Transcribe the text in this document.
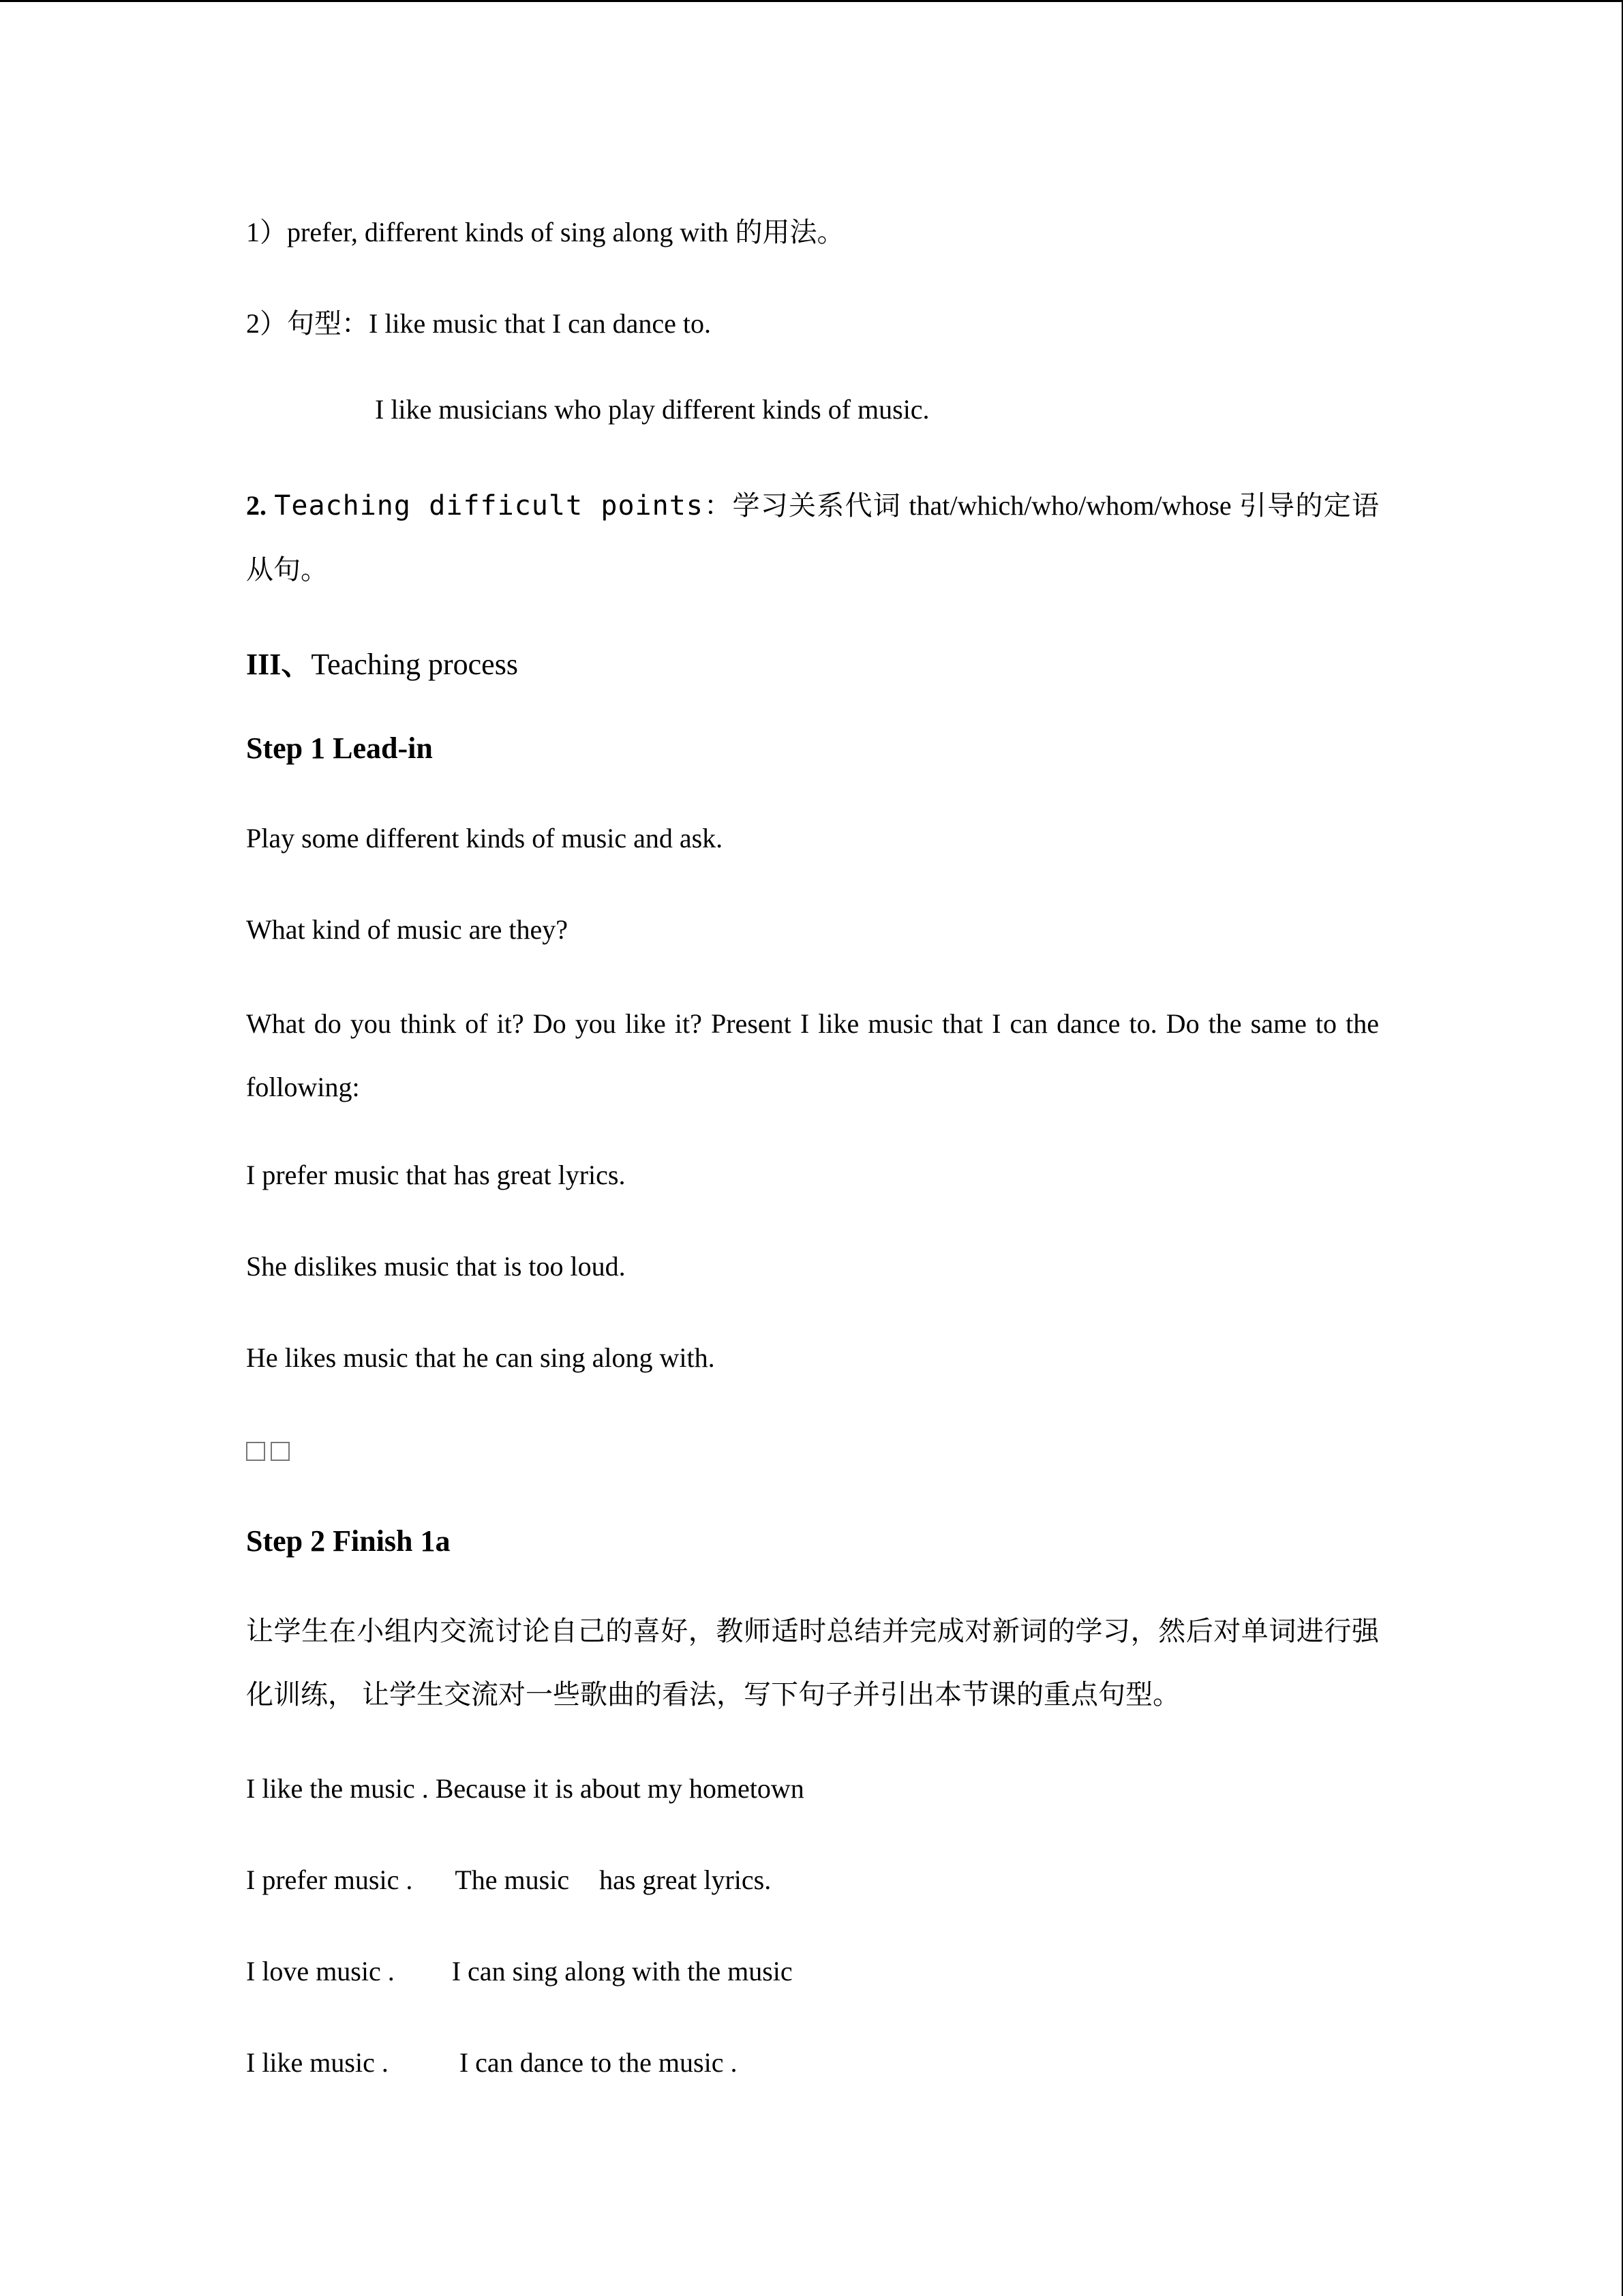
1）prefer, different kinds of sing along with 的用法。
2）句型：I like music that I can dance to.
I like musicians who play different kinds of music.
2. Teaching difficult points：学习关系代词 that/which/who/whom/whose 引导的定语从句。
III、Teaching process
Step 1 Lead-in
Play some different kinds of music and ask.
What kind of music are they?
What do you think of it? Do you like it? Present I like music that I can dance to. Do the same to the following:
I prefer music that has great lyrics.
She dislikes music that is too loud.
He likes music that he can sing along with.
Step 2 Finish 1a
让学生在小组内交流讨论自己的喜好，教师适时总结并完成对新词的学习，然后对单词进行强化训练， 让学生交流对一些歌曲的看法，写下句子并引出本节课的重点句型。
I like the music . Because it is about my hometown
I prefer music . The music has great lyrics.
I love music . I can sing along with the music
I like music .	I can dance to the music .
